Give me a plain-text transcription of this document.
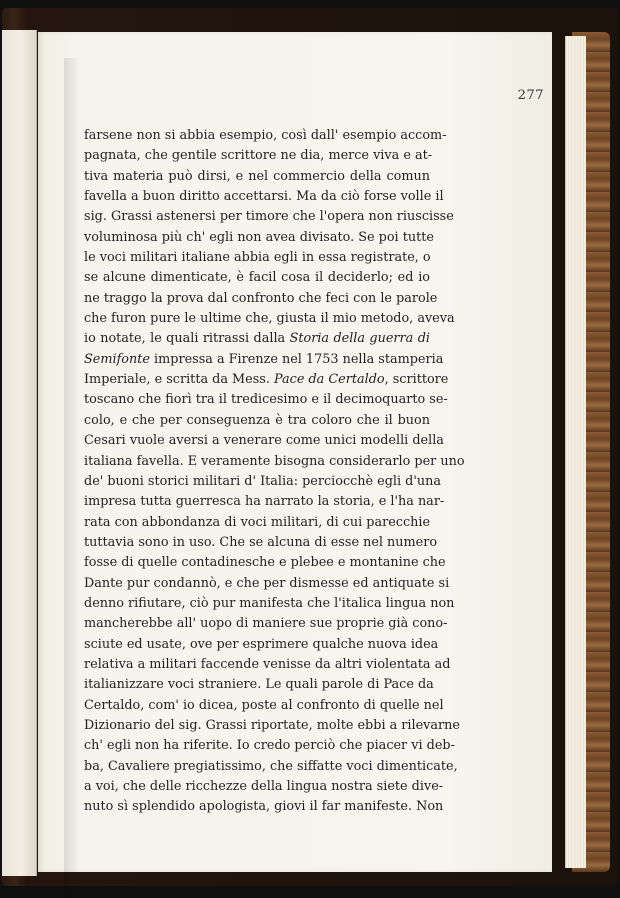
277
farsene non si abbia esempio, così dall' esempio accom-
pagnata, che gentile scrittore ne dia, merce viva e at-
tiva materia può dirsi, e nel commercio della comun
favella a buon diritto accettarsi. Ma da ciò forse volle il
sig. Grassi astenersi per timore che l'opera non riuscisse
voluminosa più ch' egli non avea divisato. Se poi tutte
le voci militari italiane abbia egli in essa registrate, o
se alcune dimenticate, è facil cosa il deciderlo; ed io
ne traggo la prova dal confronto che feci con le parole
che furon pure le ultime che, giusta il mio metodo, aveva
io notate, le quali ritrassi dalla Storia della guerra di
Semifonte impressa a Firenze nel 1753 nella stamperia
Imperiale, e scritta da Mess. Pace da Certaldo, scrittore
toscano che fiorì tra il tredicesimo e il decimoquarto se-
colo, e che per conseguenza è tra coloro che il buon
Cesari vuole aversi a venerare come unici modelli della
italiana favella. E veramente bisogna considerarlo per uno
de' buoni storici militari d' Italia: perciocchè egli d'una
impresa tutta guerresca ha narrato la storia, e l'ha nar-
rata con abbondanza di voci militari, di cui parecchie
tuttavia sono in uso. Che se alcuna di esse nel numero
fosse di quelle contadinesche e plebee e montanine che
Dante pur condannò, e che per dismesse ed antiquate si
denno rifiutare, ciò pur manifesta che l'italica lingua non
mancherebbe all' uopo di maniere sue proprie già cono-
sciute ed usate, ove per esprimere qualche nuova idea
relativa a militari faccende venisse da altri violentata ad
italianizzare voci straniere. Le quali parole di Pace da
Certaldo, com' io dicea, poste al confronto di quelle nel
Dizionario del sig. Grassi riportate, molte ebbi a rilevarne
ch' egli non ha riferite. Io credo perciò che piacer vi deb-
ba, Cavaliere pregiatissimo, che siffatte voci dimenticate,
a voi, che delle ricchezze della lingua nostra siete dive-
nuto sì splendido apologista, giovi il far manifeste. Non
